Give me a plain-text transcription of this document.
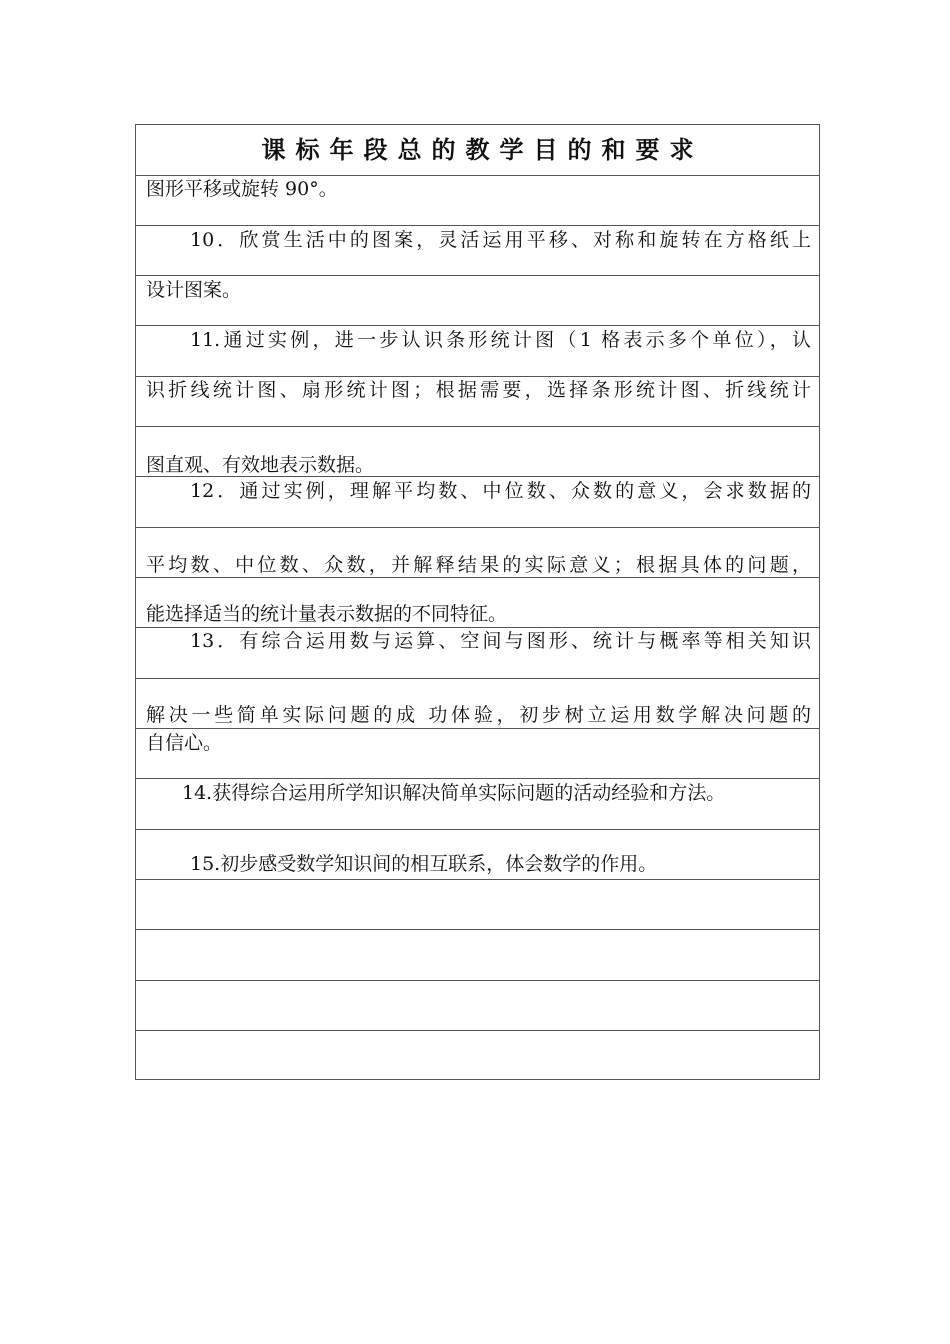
课标年段总的教学目的和要求
图形平移或旋转 90°。
10．欣赏生活中的图案，灵活运用平移、对称和旋转在方格纸上
设计图案。
11.通过实例，进一步认识条形统计图（1 格表示多个单位），认
识折线统计图、扇形统计图；根据需要，选择条形统计图、折线统计
图直观、有效地表示数据。
12．通过实例，理解平均数、中位数、众数的意义，会求数据的
平均数、中位数、众数，并解释结果的实际意义；根据具体的问题，
能选择适当的统计量表示数据的不同特征。
13．有综合运用数与运算、空间与图形、统计与概率等相关知识
解决一些简单实际问题的成 功体验，初步树立运用数学解决问题的
自信心。
14.获得综合运用所学知识解决简单实际问题的活动经验和方法。
15.初步感受数学知识间的相互联系，体会数学的作用。
